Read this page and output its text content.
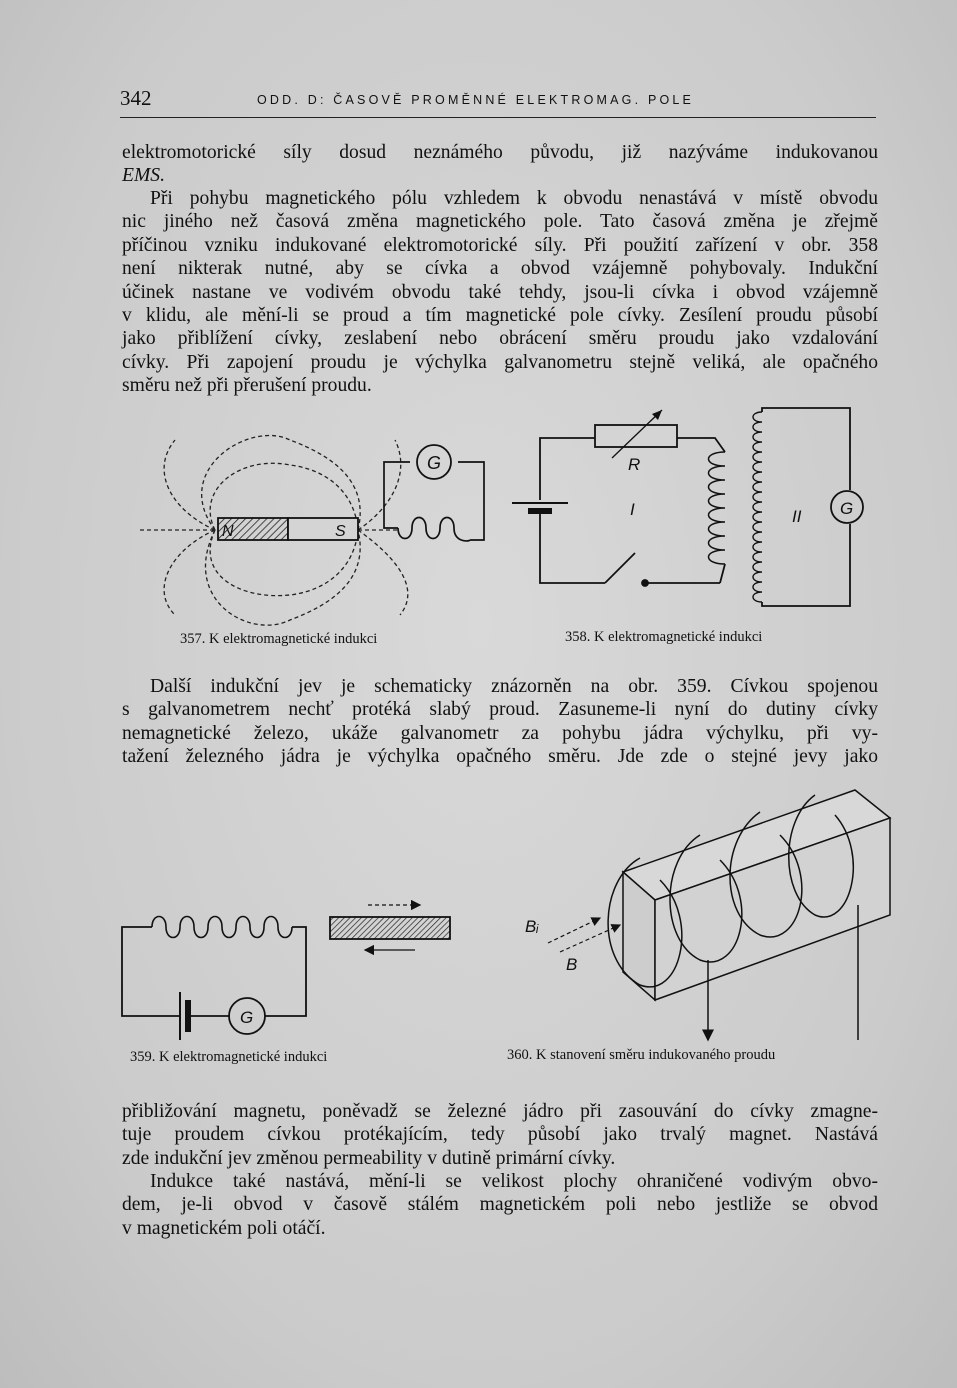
342	ODD. D: ČASOVĚ PROMĚNNÉ ELEKTROMAG. POLE
elektromotorické síly dosud neznámého původu, již nazýváme indukovanou
EMS.
Při pohybu magnetického pólu vzhledem k obvodu nenastává v místě obvodu
nic jiného než časová změna magnetického pole. Tato časová změna je zřejmě
příčinou vzniku indukované elektromotorické síly. Při použití zařízení v obr. 358
není nikterak nutné, aby se cívka a obvod vzájemně pohybovaly. Indukční
účinek nastane ve vodivém obvodu také tehdy, jsou-li cívka i obvod vzájemně
v klidu, ale mění-li se proud a tím magnetické pole cívky. Zesílení proudu působí
jako přiblížení cívky, zeslabení nebo obrácení směru proudu jako vzdalování
cívky. Při zapojení proudu je výchylka galvanometru stejně veliká, ale opačného
směru než při přerušení proudu.
N	S
G	R
I	G
II
357. K elektromagnetické indukci	358. K elektromagnetické indukci
Další indukční jev je schematicky znázorněn na obr. 359. Cívkou spojenou
s galvanometrem nechť protéká slabý proud. Zasuneme-li nyní do dutiny cívky
nemagnetické železo, ukáže galvanometr za pohybu jádra výchylku, při vy-
tažení železného jádra je výchylka opačného směru. Jde zde o stejné jevy jako
G
Bᵢ
B
359. K elektromagnetické indukci	360. K stanovení směru indukovaného proudu
přibližování magnetu, poněvadž se železné jádro při zasouvání do cívky zmagne-
tuje proudem cívkou protékajícím, tedy působí jako trvalý magnet. Nastává
zde indukční jev změnou permeability v dutině primární cívky.
Indukce také nastává, mění-li se velikost plochy ohraničené vodivým obvo-
dem, je-li obvod v časově stálém magnetickém poli nebo jestliže se obvod
v magnetickém poli otáčí.
